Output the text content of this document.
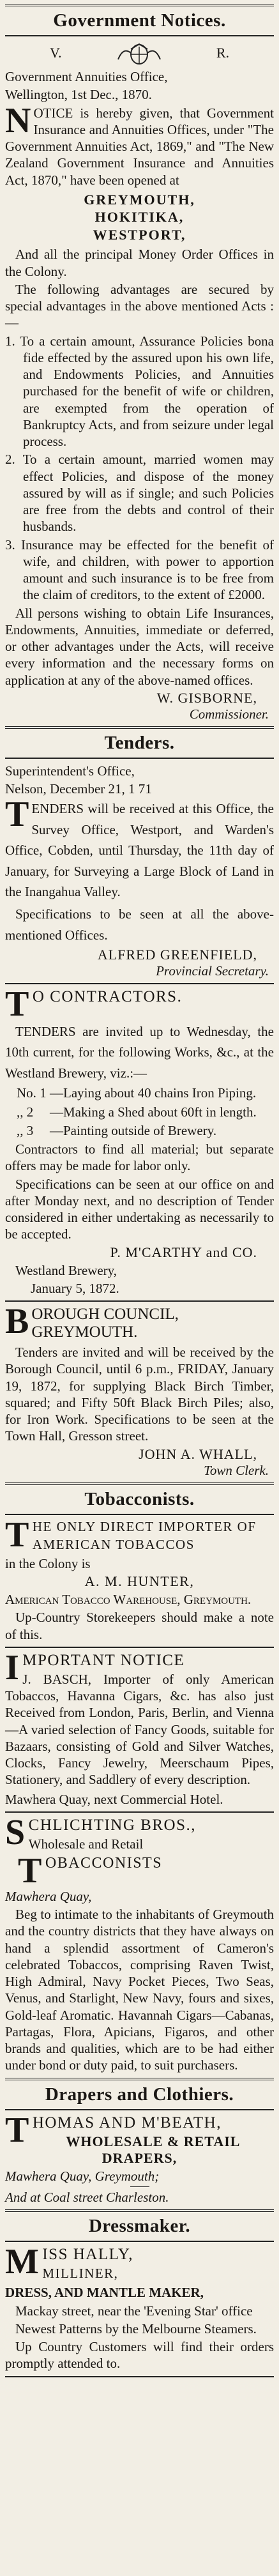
Government Notices.
V.	R.
Government Annuities Office,
Wellington, 1st Dec., 1870.
NOTICE is hereby given, that Government Insurance and Annuities Offices, under "The Government Annuities Act, 1869," and "The New Zealand Government Insurance and Annuities Act, 1870," have been opened at
GREYMOUTH,
HOKITIKA,
WESTPORT,
And all the principal Money Order Offices in the Colony.
The following advantages are secured by special advantages in the above mentioned Acts :—
1. To a certain amount, Assurance Policies bona fide effected by the assured upon his own life, and Endowments Policies, and Annuities purchased for the benefit of wife or children, are exempted from the operation of Bankruptcy Acts, and from seizure under legal process.
2. To a certain amount, married women may effect Policies, and dispose of the money assured by will as if single; and such Policies are free from the debts and control of their husbands.
3. Insurance may be effected for the benefit of wife, and children, with power to apportion amount and such insurance is to be free from the claim of creditors, to the extent of £2000.
All persons wishing to obtain Life Insurances, Endowments, Annuities, immediate or deferred, or other advantages under the Acts, will receive every information and the necessary forms on application at any of the above-named offices.
W. GISBORNE,
Commissioner.
Tenders.
Superintendent's Office,
Nelson, December 21, 1 71
TENDERS will be received at this Office, the Survey Office, Westport, and Warden's Office, Cobden, until Thursday, the 11th day of January, for Surveying a Large Block of Land in the Inangahua Valley.
Specifications to be seen at all the above-mentioned Offices.
ALFRED GREENFIELD,
Provincial Secretary.
T O CONTRACTORS.
TENDERS are invited up to Wednesday, the 10th current, for the following Works, &c., at the Westland Brewery, viz.:—
No. 1 —Laying about 40 chains Iron Piping.
,, 2 —Making a Shed about 60ft in length.
,, 3 —Painting outside of Brewery.
Contractors to find all material; but separate offers may be made for labor only.
Specifications can be seen at our office on and after Monday next, and no description of Tender considered in either undertaking as necessarily to be accepted.
P. M'CARTHY and CO.
Westland Brewery,
January 5, 1872.
BOROUGH COUNCIL, GREYMOUTH.
Tenders are invited and will be received by the Borough Council, until 6 p.m., FRIDAY, January 19, 1872, for supplying Black Birch Timber, squared; and Fifty 50ft Black Birch Piles; also, for Iron Work. Specifications to be seen at the Town Hall, Gresson street.
JOHN A. WHALL,
Town Clerk.
Tobacconists.
THE ONLY DIRECT IMPORTER OF
AMERICAN TOBACCOS
in the Colony is
A. M. HUNTER,
American Tobacco Warehouse, Greymouth.
Up-Country Storekeepers should make a note of this.
IMPORTANT NOTICE
J. BASCH, Importer of only American Tobaccos, Havanna Cigars, &c. has also just Received from London, Paris, Berlin, and Vienna—A varied selection of Fancy Goods, suitable for Bazaars, consisting of Gold and Silver Watches, Clocks, Fancy Jewelry, Meerschaum Pipes, Stationery, and Saddlery of every description.
Mawhera Quay, next Commercial Hotel.
SCHLICHTING BROS.,
Wholesale and Retail
TOBACCONISTS
Mawhera Quay,
Beg to intimate to the inhabitants of Greymouth and the country districts that they have always on hand a splendid assortment of Cameron's celebrated Tobaccos, comprising Raven Twist, High Admiral, Navy Pocket Pieces, Two Seas, Venus, and Starlight, New Navy, fours and sixes, Gold-leaf Aromatic. Havannah Cigars—Cabanas, Partagas, Flora, Apicians, Figaros, and other brands and qualities, which are to be had either under bond or duty paid, to suit purchasers.
Drapers and Clothiers.
THOMAS AND M'BEATH,
WHOLESALE & RETAIL DRAPERS,
Mawhera Quay, Greymouth;
And at Coal street Charleston.
Dressmaker.
MISS HALLY,
MILLINER,
DRESS, AND MANTLE MAKER,
Mackay street, near the 'Evening Star' office
Newest Patterns by the Melbourne Steamers.
Up Country Customers will find their orders promptly attended to.
